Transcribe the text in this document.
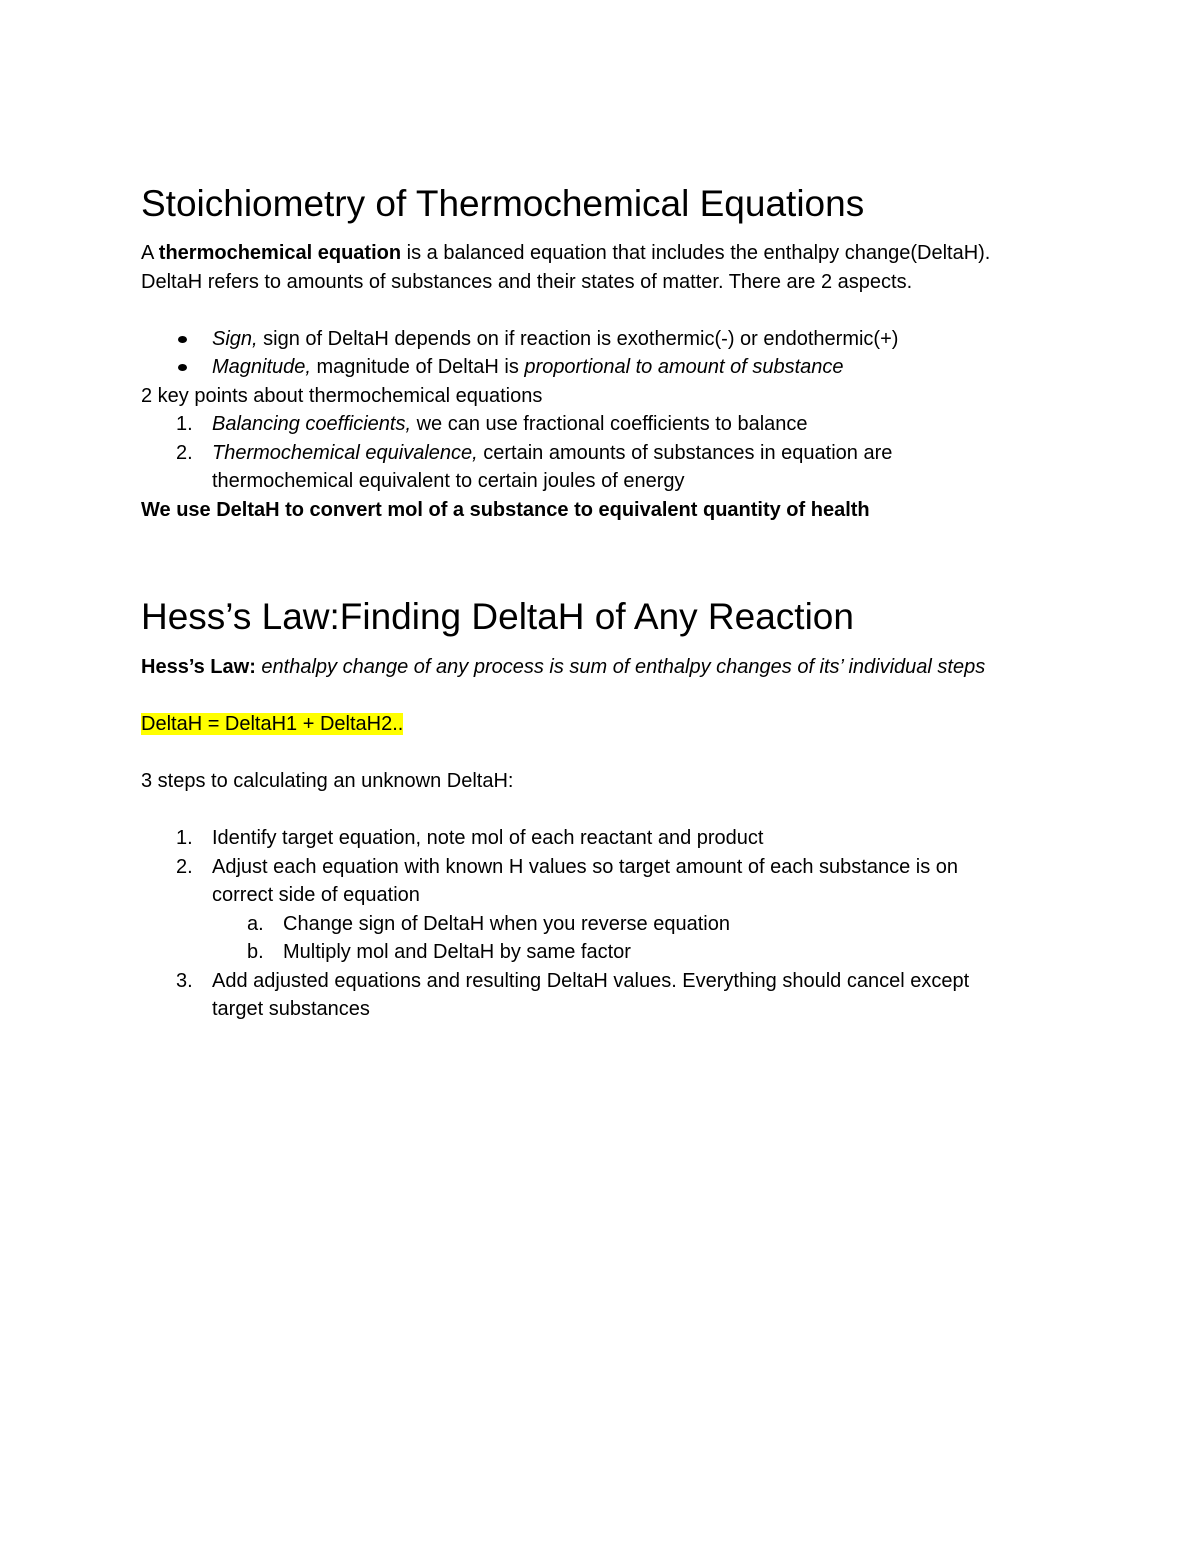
Stoichiometry of Thermochemical Equations

A thermochemical equation is a balanced equation that includes the enthalpy change(DeltaH).

DeltaH refers to amounts of substances and their states of matter. There are 2 aspects.

Sign, sign of DeltaH depends on if reaction is exothermic(-) or endothermic(+)
Magnitude, magnitude of DeltaH is proportional to amount of substance

2 key points about thermochemical equations

1. Balancing coefficients, we can use fractional coefficients to balance
2. Thermochemical equivalence, certain amounts of substances in equation are
thermochemical equivalent to certain joules of energy

We use DeltaH to convert mol of a substance to equivalent quantity of health

Hess’s Law:Finding DeltaH of Any Reaction

Hess’s Law: enthalpy change of any process is sum of enthalpy changes of its’ individual steps

DeltaH = DeltaH1 + DeltaH2..

3 steps to calculating an unknown DeltaH:

1. Identify target equation, note mol of each reactant and product
2. Adjust each equation with known H values so target amount of each substance is on
correct side of equation
a. Change sign of DeltaH when you reverse equation
b. Multiply mol and DeltaH by same factor
3. Add adjusted equations and resulting DeltaH values. Everything should cancel except
target substances
